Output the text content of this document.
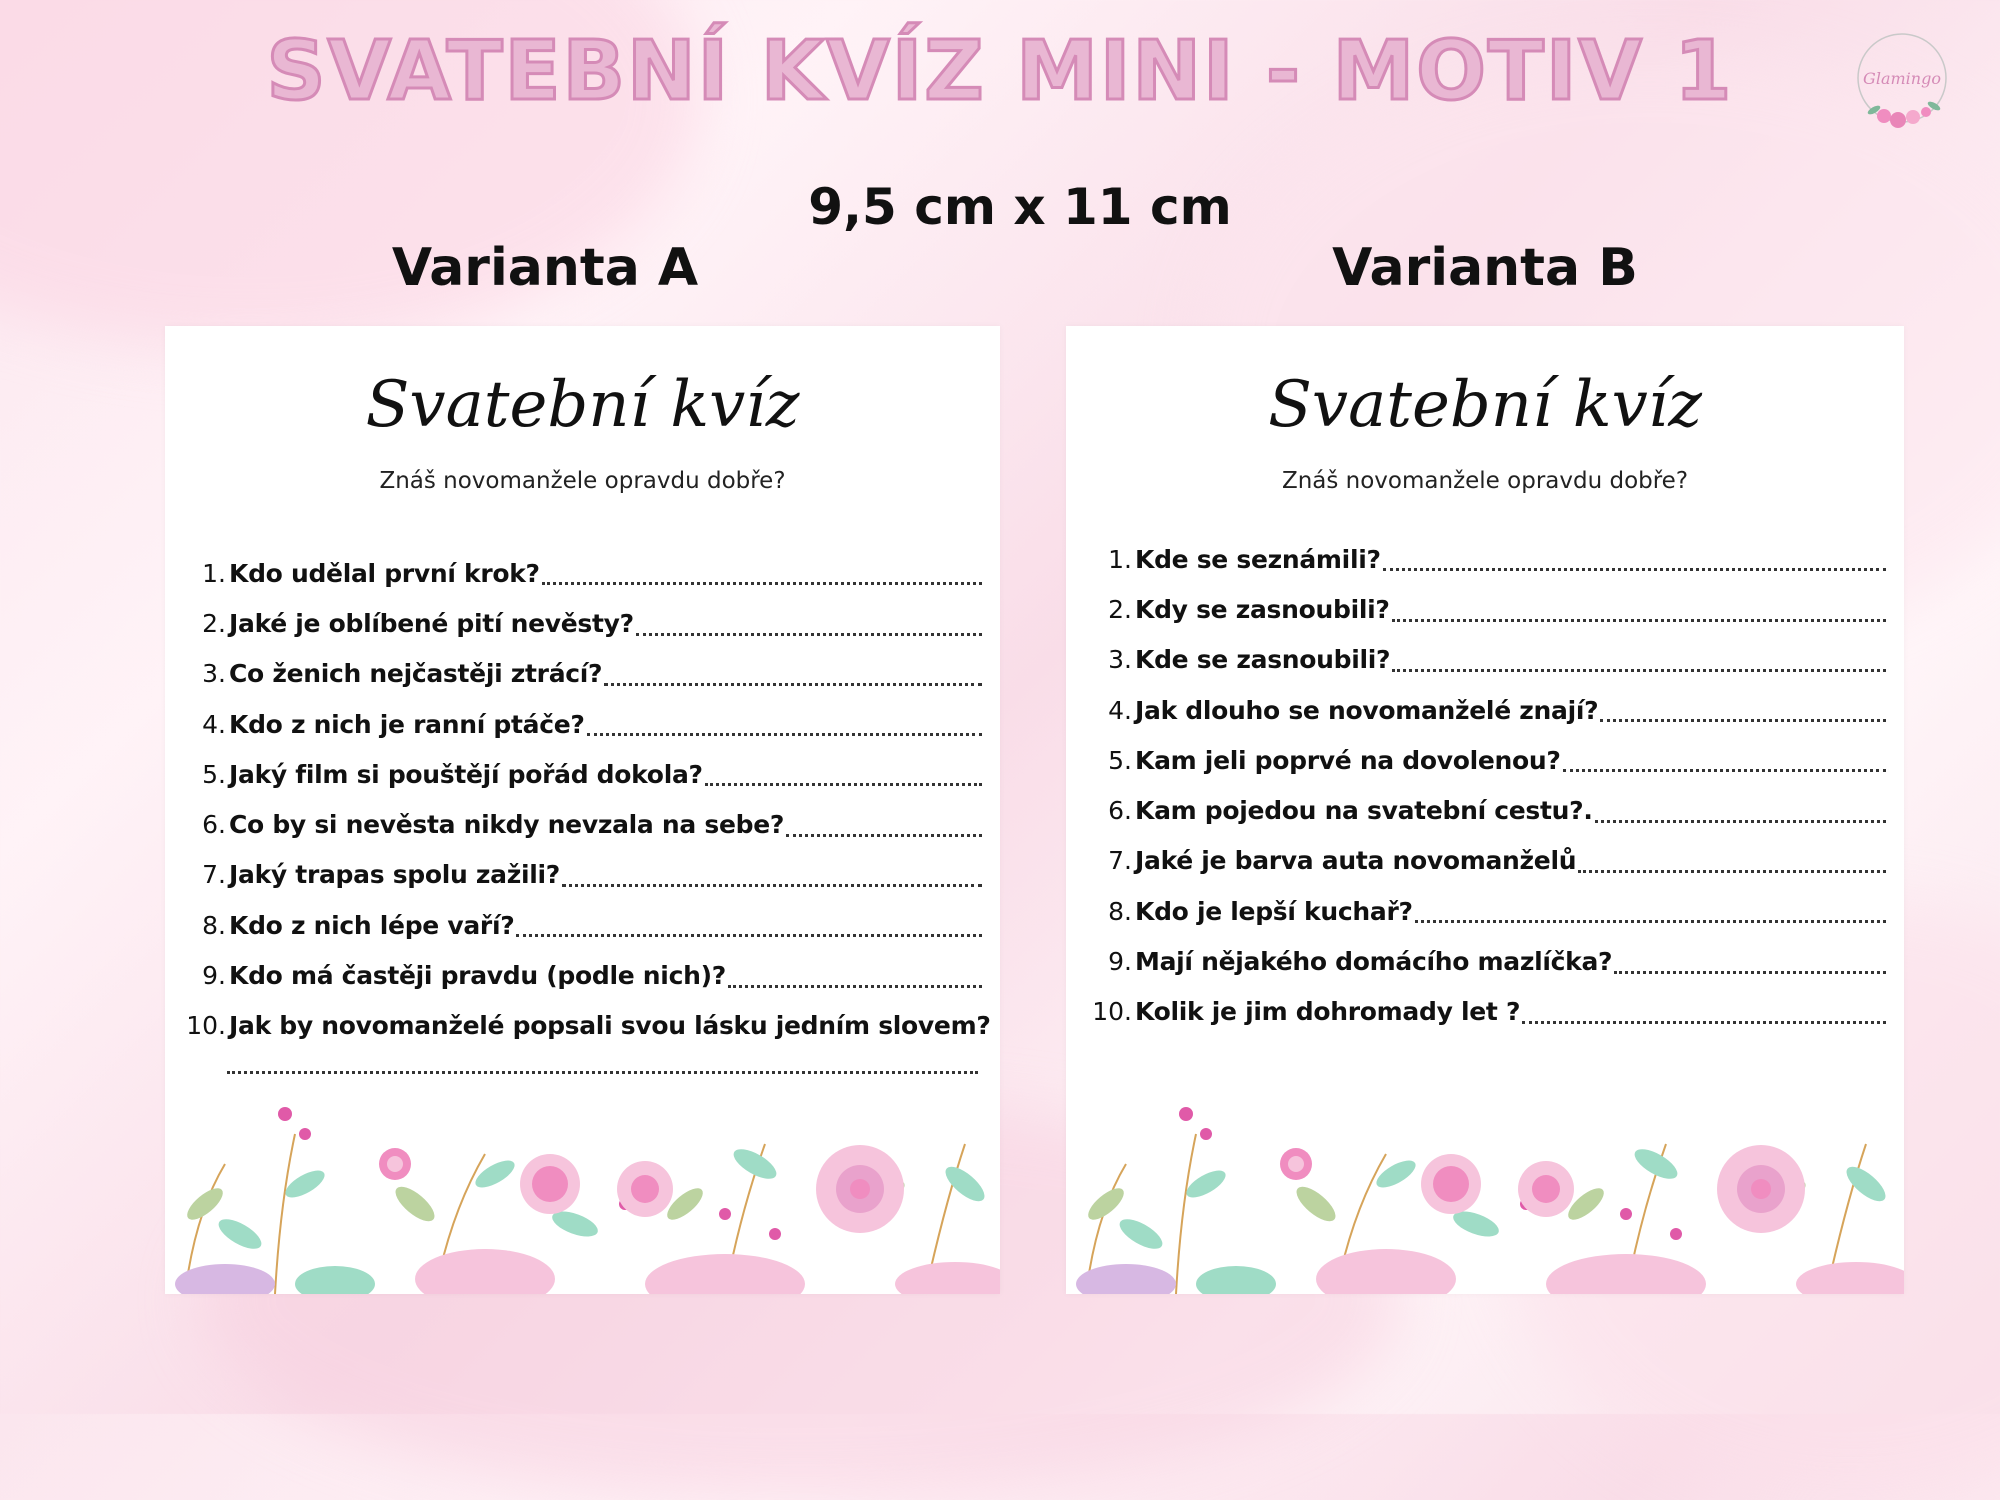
SVATEBNÍ KVÍZ MINI - MOTIV 1	Glamingo
9,5 cm x 11 cm
Varianta A	Varianta B
Svatební kvíz
Znáš novomanžele opravdu dobře?
1. Kdo udělal první krok?
2. Jaké je oblíbené pití nevěsty?
3. Co ženich nejčastěji ztrácí?
4. Kdo z nich je ranní ptáče?
5. Jaký film si pouštějí pořád dokola?
6. Co by si nevěsta nikdy nevzala na sebe?
7. Jaký trapas spolu zažili?
8. Kdo z nich lépe vaří?
9. Kdo má častěji pravdu (podle nich)?
10. Jak by novomanželé popsali svou lásku jedním slovem?
Svatební kvíz
Znáš novomanžele opravdu dobře?
1. Kde se seznámili?
2. Kdy se zasnoubili?
3. Kde se zasnoubili?
4. Jak dlouho se novomanželé znají?
5. Kam jeli poprvé na dovolenou?
6. Kam pojedou na svatební cestu?.
7. Jaké je barva auta novomanželů
8. Kdo je lepší kuchař?
9. Mají nějakého domácího mazlíčka?
10. Kolik je jim dohromady let ?
